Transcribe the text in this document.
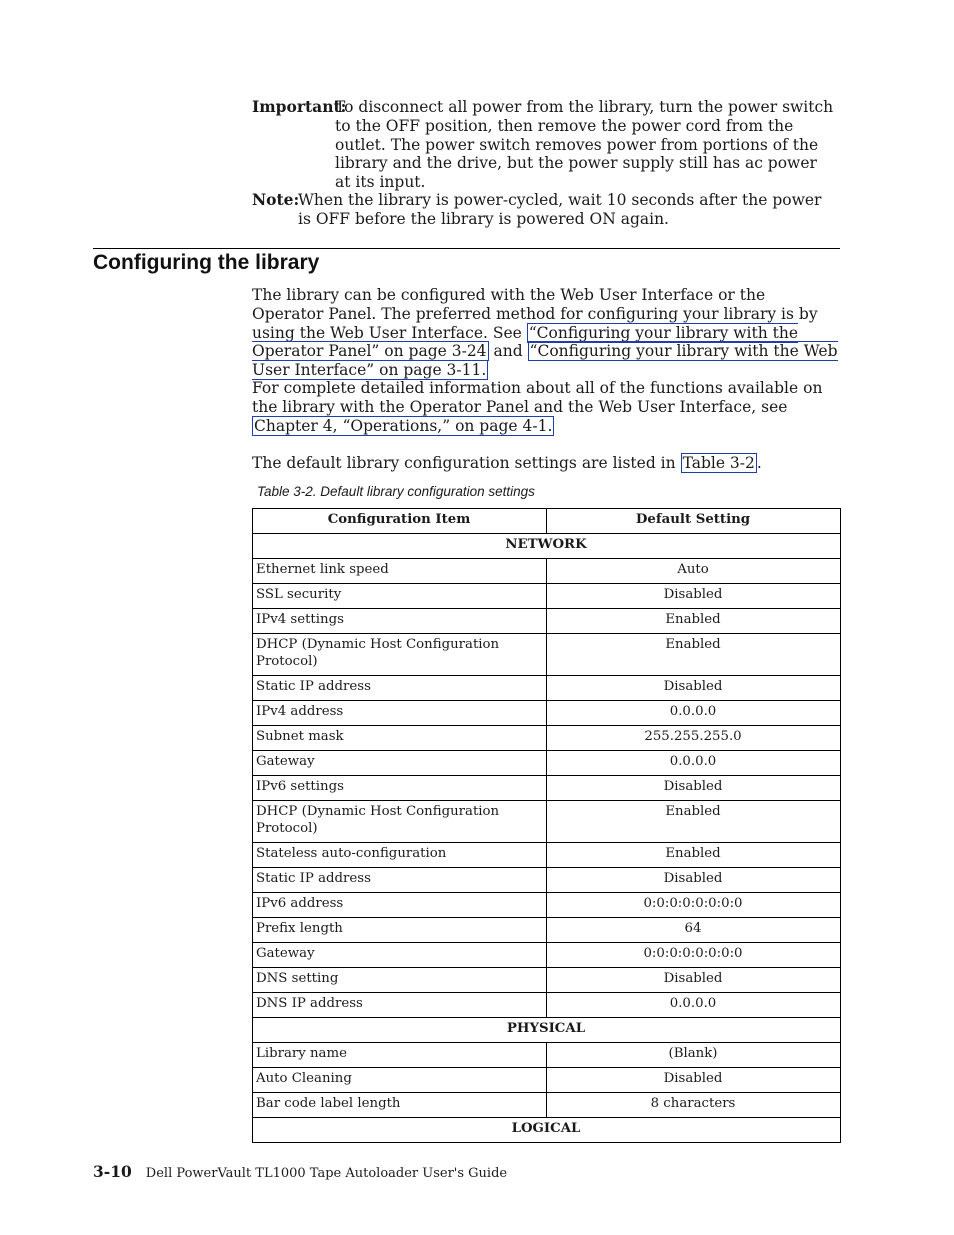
Important:
To disconnect all power from the library, turn the power switch to the OFF position, then remove the power cord from the outlet. The power switch removes power from portions of the library and the drive, but the power supply still has ac power at its input.
Note:
When the library is power-cycled, wait 10 seconds after the power is OFF before the library is powered ON again.
Configuring the library
The library can be configured with the Web User Interface or the Operator Panel. The preferred method for configuring your library is by using the Web User Interface. See “Configuring your library with the Operator Panel” on page 3-24 and “Configuring your library with the Web User Interface” on page 3-11.
For complete detailed information about all of the functions available on the library with the Operator Panel and the Web User Interface, see Chapter 4, “Operations,” on page 4-1.
The default library configuration settings are listed in Table 3-2 .
Table 3-2. Default library configuration settings
Configuration Item	Default Setting
NETWORK	
Ethernet link speed	Auto
SSL security	Disabled
IPv4 settings	Enabled
DHCP (Dynamic Host Configuration Protocol)	Enabled
Static IP address	Disabled
IPv4 address	0.0.0.0
Subnet mask	255.255.255.0
Gateway	0.0.0.0
IPv6 settings	Disabled
DHCP (Dynamic Host Configuration Protocol)	Enabled
Stateless auto-configuration	Enabled
Static IP address	Disabled
IPv6 address	0:0:0:0:0:0:0:0
Prefix length	64
Gateway	0:0:0:0:0:0:0:0
DNS setting	Disabled
DNS IP address	0.0.0.0
PHYSICAL	
Library name	(Blank)
Auto Cleaning	Disabled
Bar code label length	8 characters
LOGICAL	
3-10 Dell PowerVault TL1000 Tape Autoloader User's Guide
